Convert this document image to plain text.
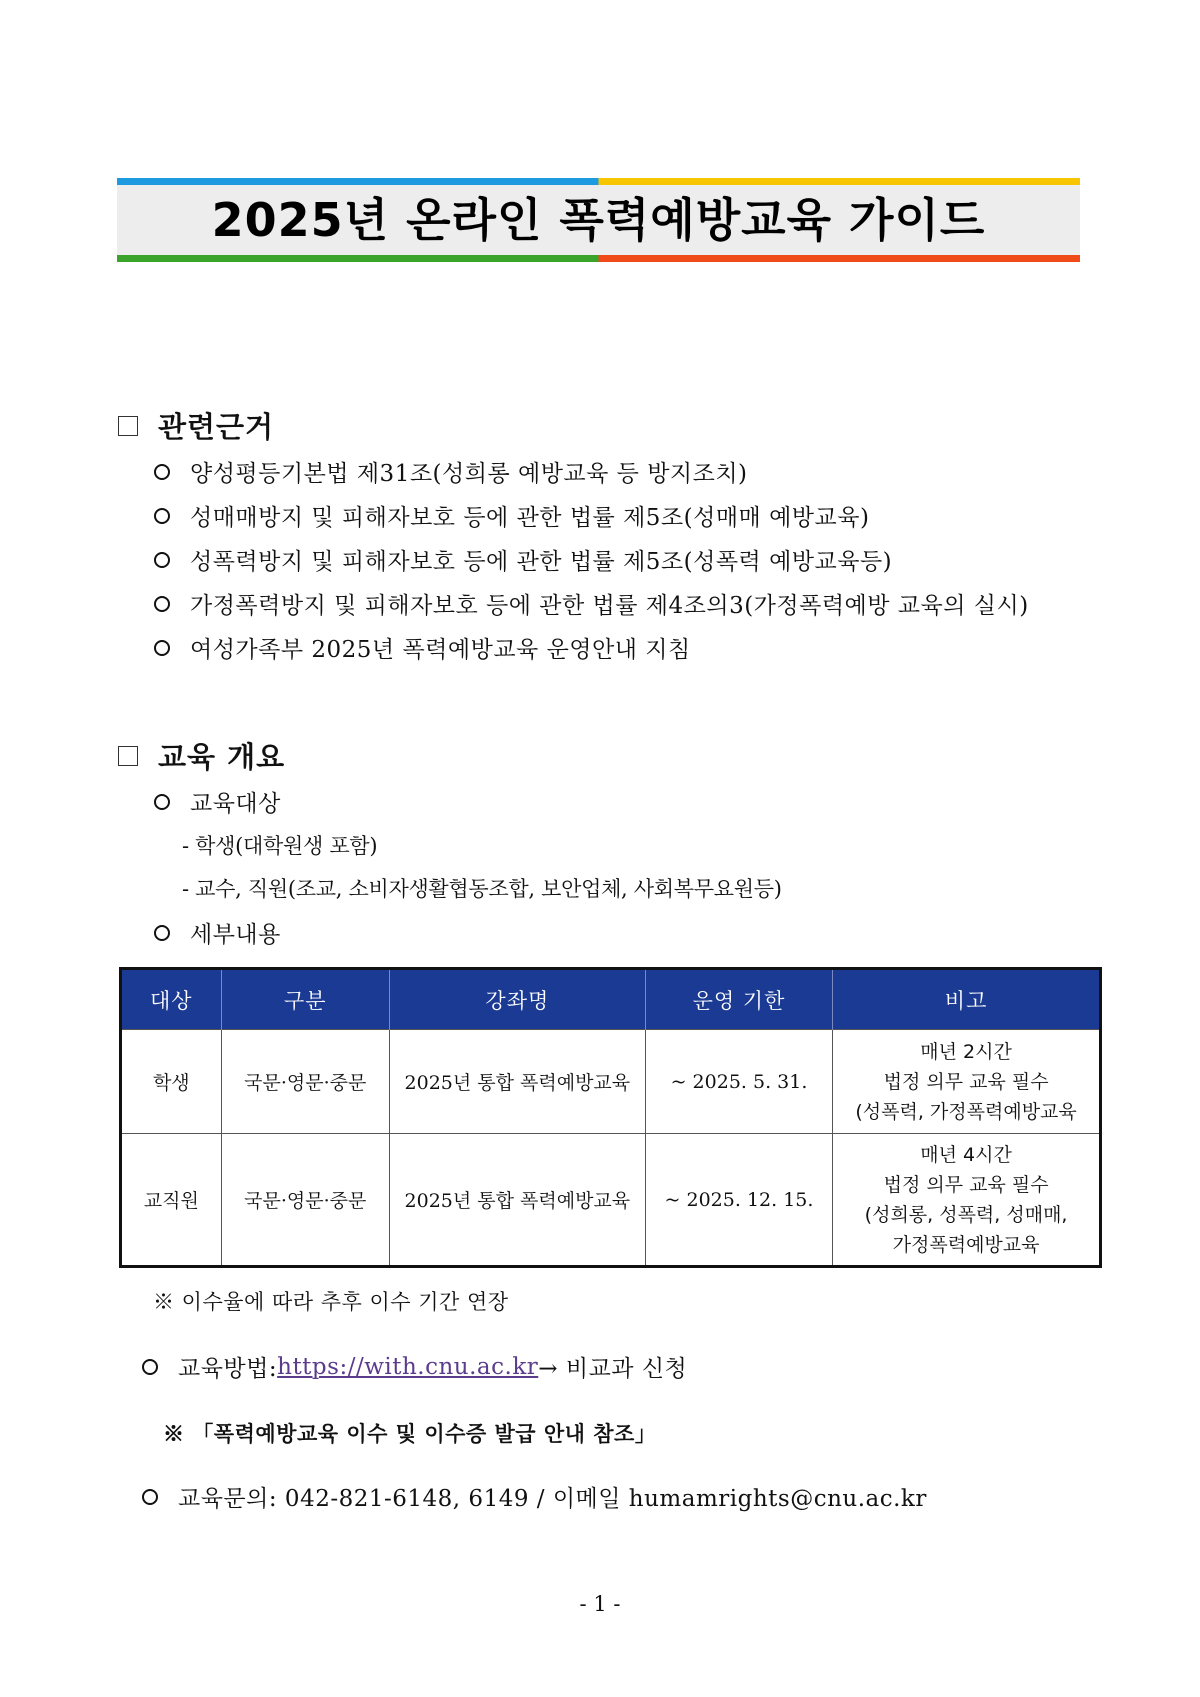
2025년 온라인 폭력예방교육 가이드
관련근거
양성평등기본법 제31조(성희롱 예방교육 등 방지조치)
성매매방지 및 피해자보호 등에 관한 법률 제5조(성매매 예방교육)
성폭력방지 및 피해자보호 등에 관한 법률 제5조(성폭력 예방교육등)
가정폭력방지 및 피해자보호 등에 관한 법률 제4조의3(가정폭력예방 교육의 실시)
여성가족부 2025년 폭력예방교육 운영안내 지침
교육 개요
교육대상
- 학생(대학원생 포함)
- 교수, 직원(조교, 소비자생활협동조합, 보안업체, 사회복무요원등)
세부내용
대상	구분	강좌명	운영 기한	비고
학생	국문·영문·중문	2025년 통합 폭력예방교육	~ 2025. 5. 31.	매년 2시간
법정 의무 교육 필수
(성폭력, 가정폭력예방교육

교직원	국문·영문·중문	2025년 통합 폭력예방교육	~ 2025. 12. 15.	매년 4시간
법정 의무 교육 필수
(성희롱, 성폭력, 성매매,
가정폭력예방교육
※ 이수율에 따라 추후 이수 기간 연장
교육방법: https://with.cnu.ac.kr → 비교과 신청
※ 「폭력예방교육 이수 및 이수증 발급 안내 참조」
교육문의: 042-821-6148, 6149 / 이메일 humamrights@cnu.ac.kr
- 1 -
